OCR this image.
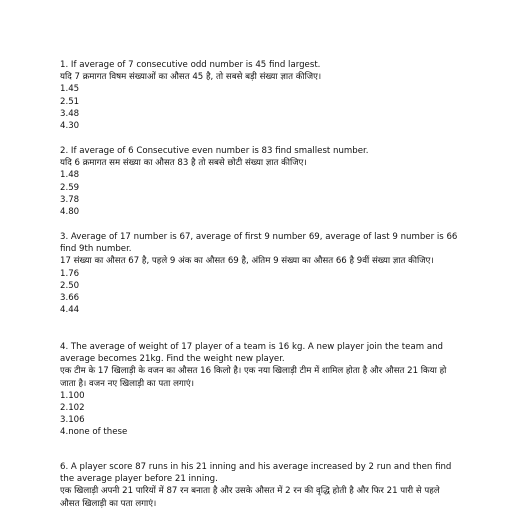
1. If average of 7 consecutive odd number is 45 find largest.
यदि 7 क्रमागत विषम संख्याओं का औसत 45 है, तो सबसे बड़ी संख्या ज्ञात कीजिए।
1.45
2.51
3.48
4.30
2. If average of 6 Consecutive even number is 83 find smallest number.
यदि 6 क्रमागत सम संख्या का औसत 83 है तो सबसे छोटी संख्या ज्ञात कीजिए।
1.48
2.59
3.78
4.80
3. Average of 17 number is 67, average of first 9 number 69, average of last 9 number is 66 find 9th number.
17 संख्या का औसत 67 है, पहले 9 अंक का औसत 69 है, अंतिम 9 संख्या का औसत 66 है 9वीं संख्या ज्ञात कीजिए।
1.76
2.50
3.66
4.44
4. The average of weight of 17 player of a team is 16 kg. A new player join the team and average becomes 21kg. Find the weight new player.
एक टीम के 17 खिलाड़ी के वजन का औसत 16 किलो है। एक नया खिलाड़ी टीम में शामिल होता है और औसत 21 किया हो जाता है। वजन नए खिलाड़ी का पता लगाएं।
1.100
2.102
3.106
4.none of these
6. A player score 87 runs in his 21 inning and his average increased by 2 run and then find the average player before 21 inning.
एक खिलाड़ी अपनी 21 पारियों में 87 रन बनाता है और उसके औसत में 2 रन की वृद्धि होती है और फिर 21 पारी से पहले औसत खिलाड़ी का पता लगाएं।
